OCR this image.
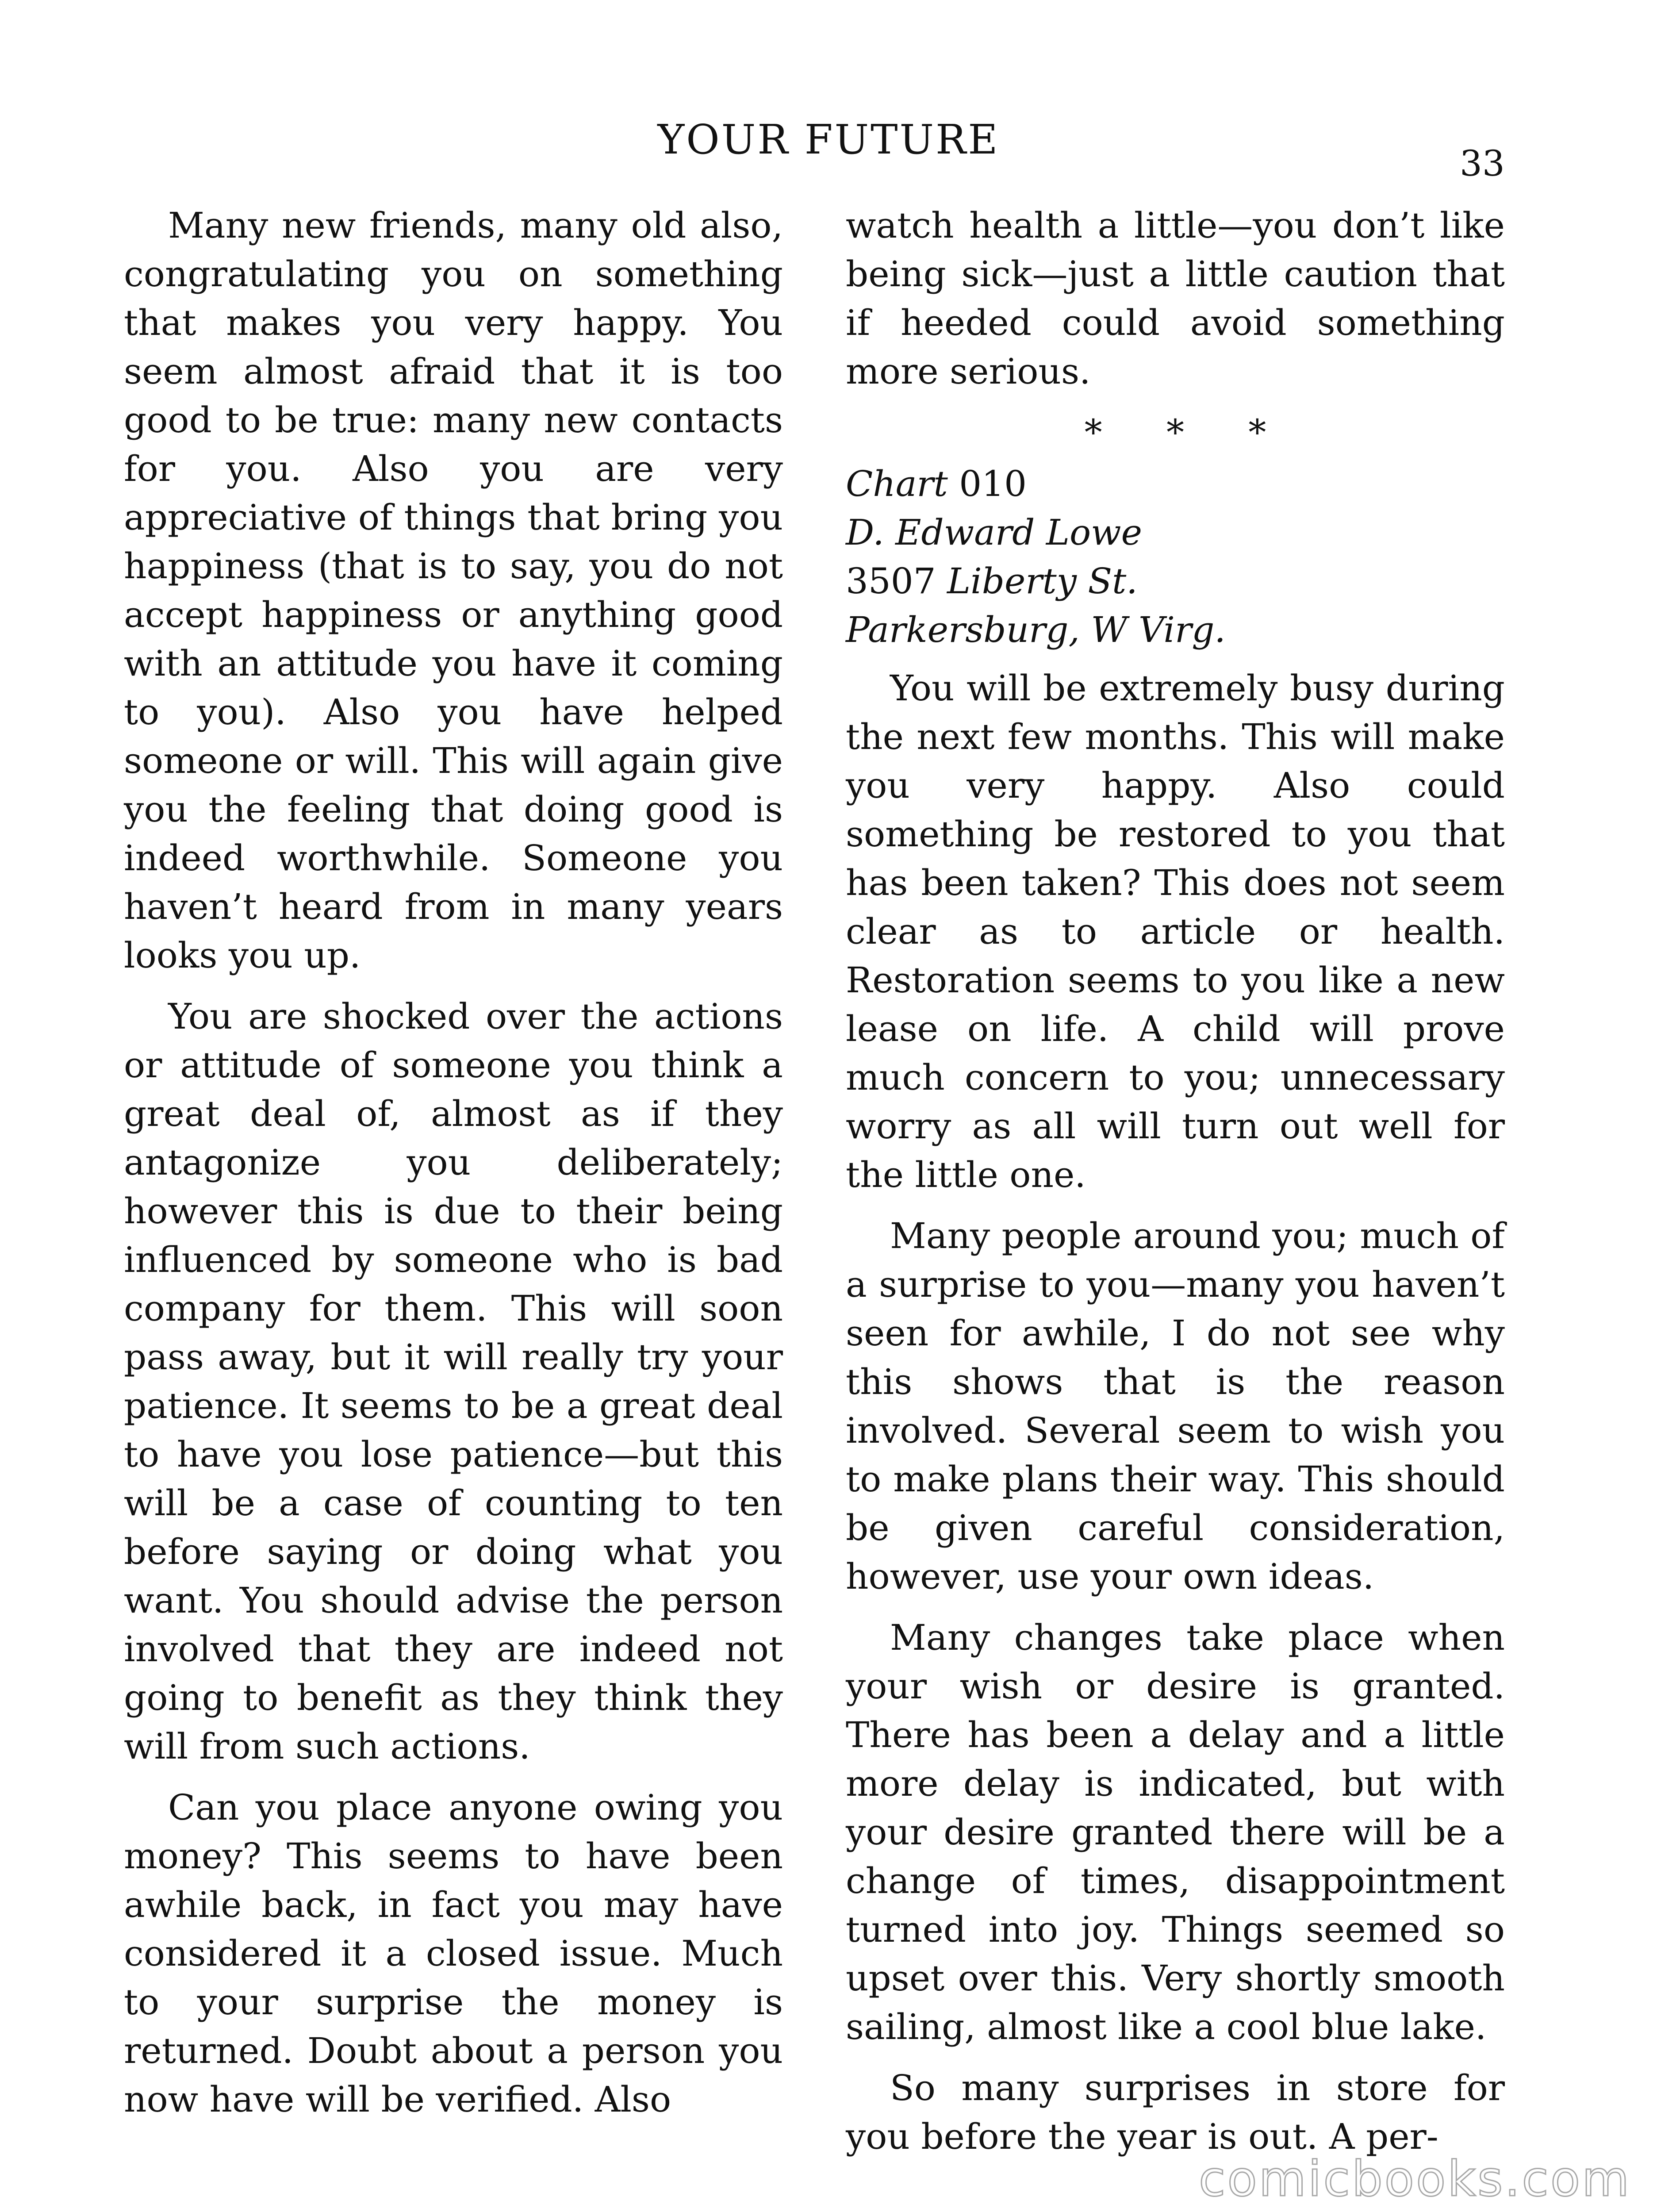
YOUR FUTURE
33

Many new friends, many old also, congratulating you on something that makes you very happy. You seem almost afraid that it is too good to be true: many new contacts for you. Also you are very appreciative of things that bring you happiness (that is to say, you do not accept happiness or anything good with an attitude you have it coming to you). Also you have helped someone or will. This will again give you the feeling that doing good is indeed worthwhile. Someone you haven’t heard from in many years looks you up.

You are shocked over the actions or attitude of someone you think a great deal of, almost as if they antagonize you deliberately; however this is due to their being influenced by someone who is bad company for them. This will soon pass away, but it will really try your patience. It seems to be a great deal to have you lose patience—but this will be a case of counting to ten before saying or doing what you want. You should advise the person involved that they are indeed not going to benefit as they think they will from such actions.

Can you place anyone owing you money? This seems to have been awhile back, in fact you may have considered it a closed issue. Much to your surprise the money is returned. Doubt about a person you now have will be verified. Also

watch health a little—you don’t like being sick—just a little caution that if heeded could avoid something more serious.

* * *
Chart 010
D. Edward Lowe
3507 Liberty St.
Parkersburg, W Virg.

You will be extremely busy during the next few months. This will make you very happy. Also could something be restored to you that has been taken? This does not seem clear as to article or health. Restoration seems to you like a new lease on life. A child will prove much concern to you; unnecessary worry as all will turn out well for the little one.

Many people around you; much of a surprise to you—many you haven’t seen for awhile, I do not see why this shows that is the reason involved. Several seem to wish you to make plans their way. This should be given careful consideration, however, use your own ideas.

Many changes take place when your wish or desire is granted. There has been a delay and a little more delay is indicated, but with your desire granted there will be a change of times, disappointment turned into joy. Things seemed so upset over this. Very shortly smooth sailing, almost like a cool blue lake.

So many surprises in store for you before the year is out. A per-

comicbooks.com
